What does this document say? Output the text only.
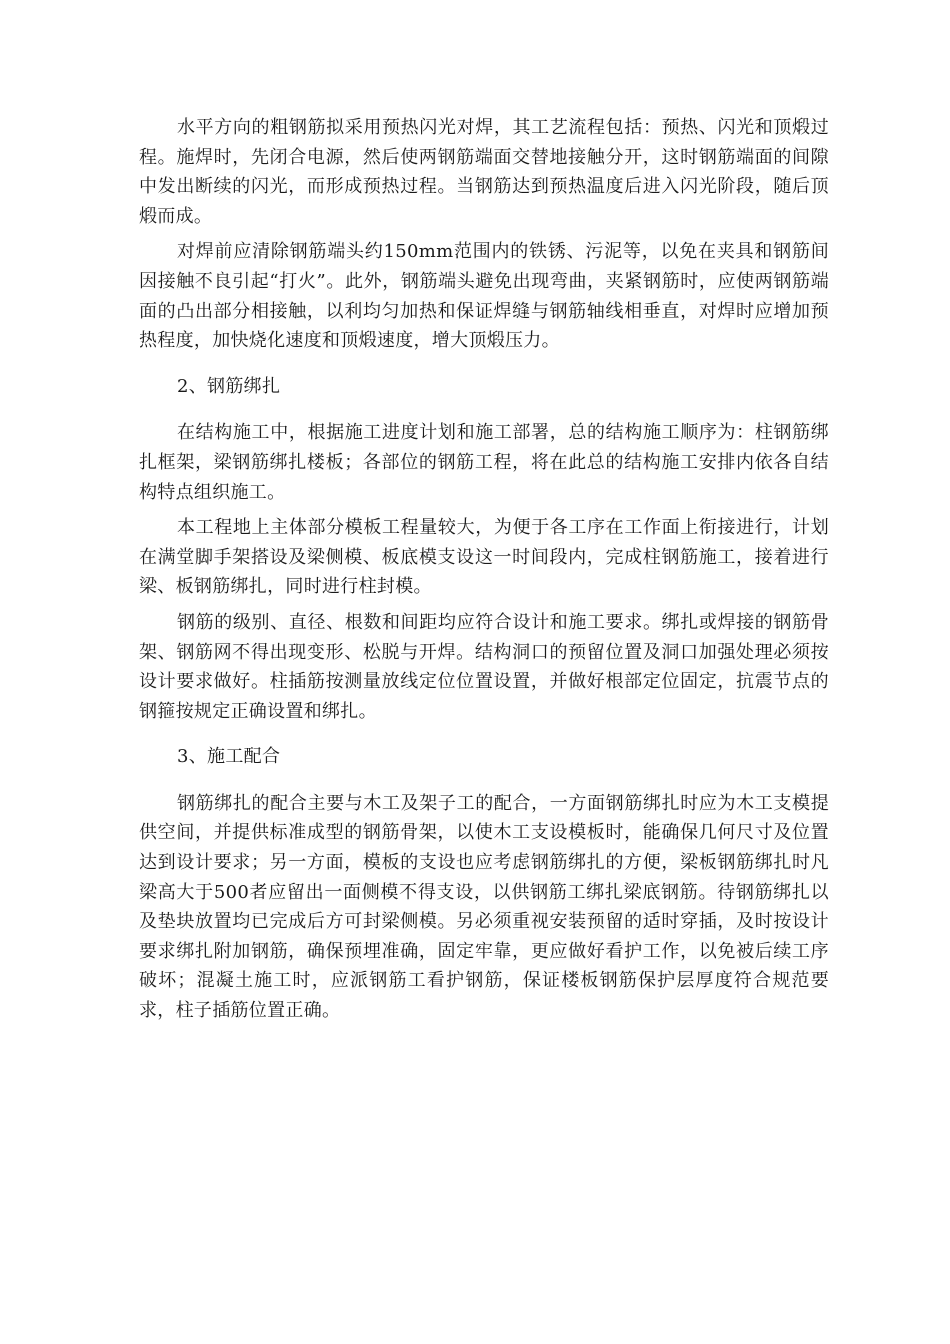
水平方向的粗钢筋拟采用预热闪光对焊，其工艺流程包括：预热、闪光和顶煅过程。施焊时，先闭合电源，然后使两钢筋端面交替地接触分开，这时钢筋端面的间隙中发出断续的闪光，而形成预热过程。当钢筋达到预热温度后进入闪光阶段，随后顶煅而成。

对焊前应清除钢筋端头约150mm范围内的铁锈、污泥等，以免在夹具和钢筋间因接触不良引起“打火”。此外，钢筋端头避免出现弯曲，夹紧钢筋时，应使两钢筋端面的凸出部分相接触，以利均匀加热和保证焊缝与钢筋轴线相垂直，对焊时应增加预热程度，加快烧化速度和顶煅速度，增大顶煅压力。

2、钢筋绑扎

在结构施工中，根据施工进度计划和施工部署，总的结构施工顺序为：柱钢筋绑扎框架，梁钢筋绑扎楼板；各部位的钢筋工程，将在此总的结构施工安排内依各自结构特点组织施工。

本工程地上主体部分模板工程量较大，为便于各工序在工作面上衔接进行，计划在满堂脚手架搭设及梁侧模、板底模支设这一时间段内，完成柱钢筋施工，接着进行梁、板钢筋绑扎，同时进行柱封模。

钢筋的级别、直径、根数和间距均应符合设计和施工要求。绑扎或焊接的钢筋骨架、钢筋网不得出现变形、松脱与开焊。结构洞口的预留位置及洞口加强处理必须按设计要求做好。柱插筋按测量放线定位位置设置，并做好根部定位固定，抗震节点的钢箍按规定正确设置和绑扎。

3、施工配合

钢筋绑扎的配合主要与木工及架子工的配合，一方面钢筋绑扎时应为木工支模提供空间，并提供标准成型的钢筋骨架，以使木工支设模板时，能确保几何尺寸及位置达到设计要求；另一方面，模板的支设也应考虑钢筋绑扎的方便，梁板钢筋绑扎时凡梁高大于500者应留出一面侧模不得支设，以供钢筋工绑扎梁底钢筋。待钢筋绑扎以及垫块放置均已完成后方可封梁侧模。另必须重视安装预留的适时穿插，及时按设计要求绑扎附加钢筋，确保预埋准确，固定牢靠，更应做好看护工作，以免被后续工序破坏；混凝土施工时，应派钢筋工看护钢筋，保证楼板钢筋保护层厚度符合规范要求，柱子插筋位置正确。
